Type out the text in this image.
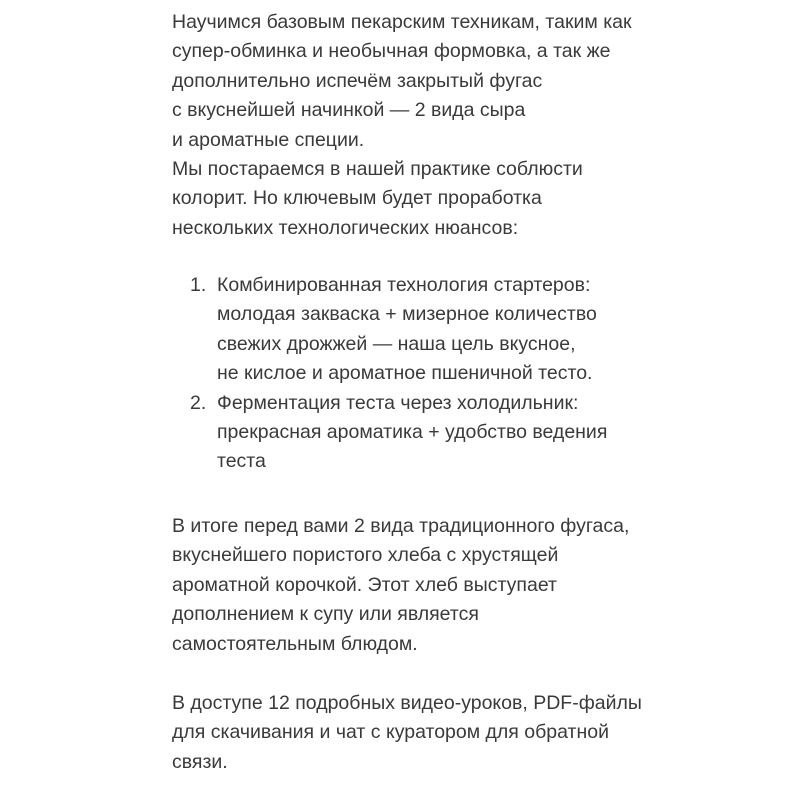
Научимся базовым пекарским техникам, таким как
супер-обминка и необычная формовка, а так же
дополнительно испечём закрытый фугас
с вкуснейшей начинкой — 2 вида сыра
и ароматные специи.
Мы постараемся в нашей практике соблюсти
колорит. Но ключевым будет проработка
нескольких технологических нюансов:
1. Комбинированная технология стартеров:
молодая закваска + мизерное количество
свежих дрожжей — наша цель вкусное,
не кислое и ароматное пшеничной тесто.
2. Ферментация теста через холодильник:
прекрасная ароматика + удобство ведения
теста
В итоге перед вами 2 вида традиционного фугаса,
вкуснейшего пористого хлеба с хрустящей
ароматной корочкой. Этот хлеб выступает
дополнением к супу или является
самостоятельным блюдом.
В доступе 12 подробных видео-уроков, PDF-файлы
для скачивания и чат с куратором для обратной
связи.
